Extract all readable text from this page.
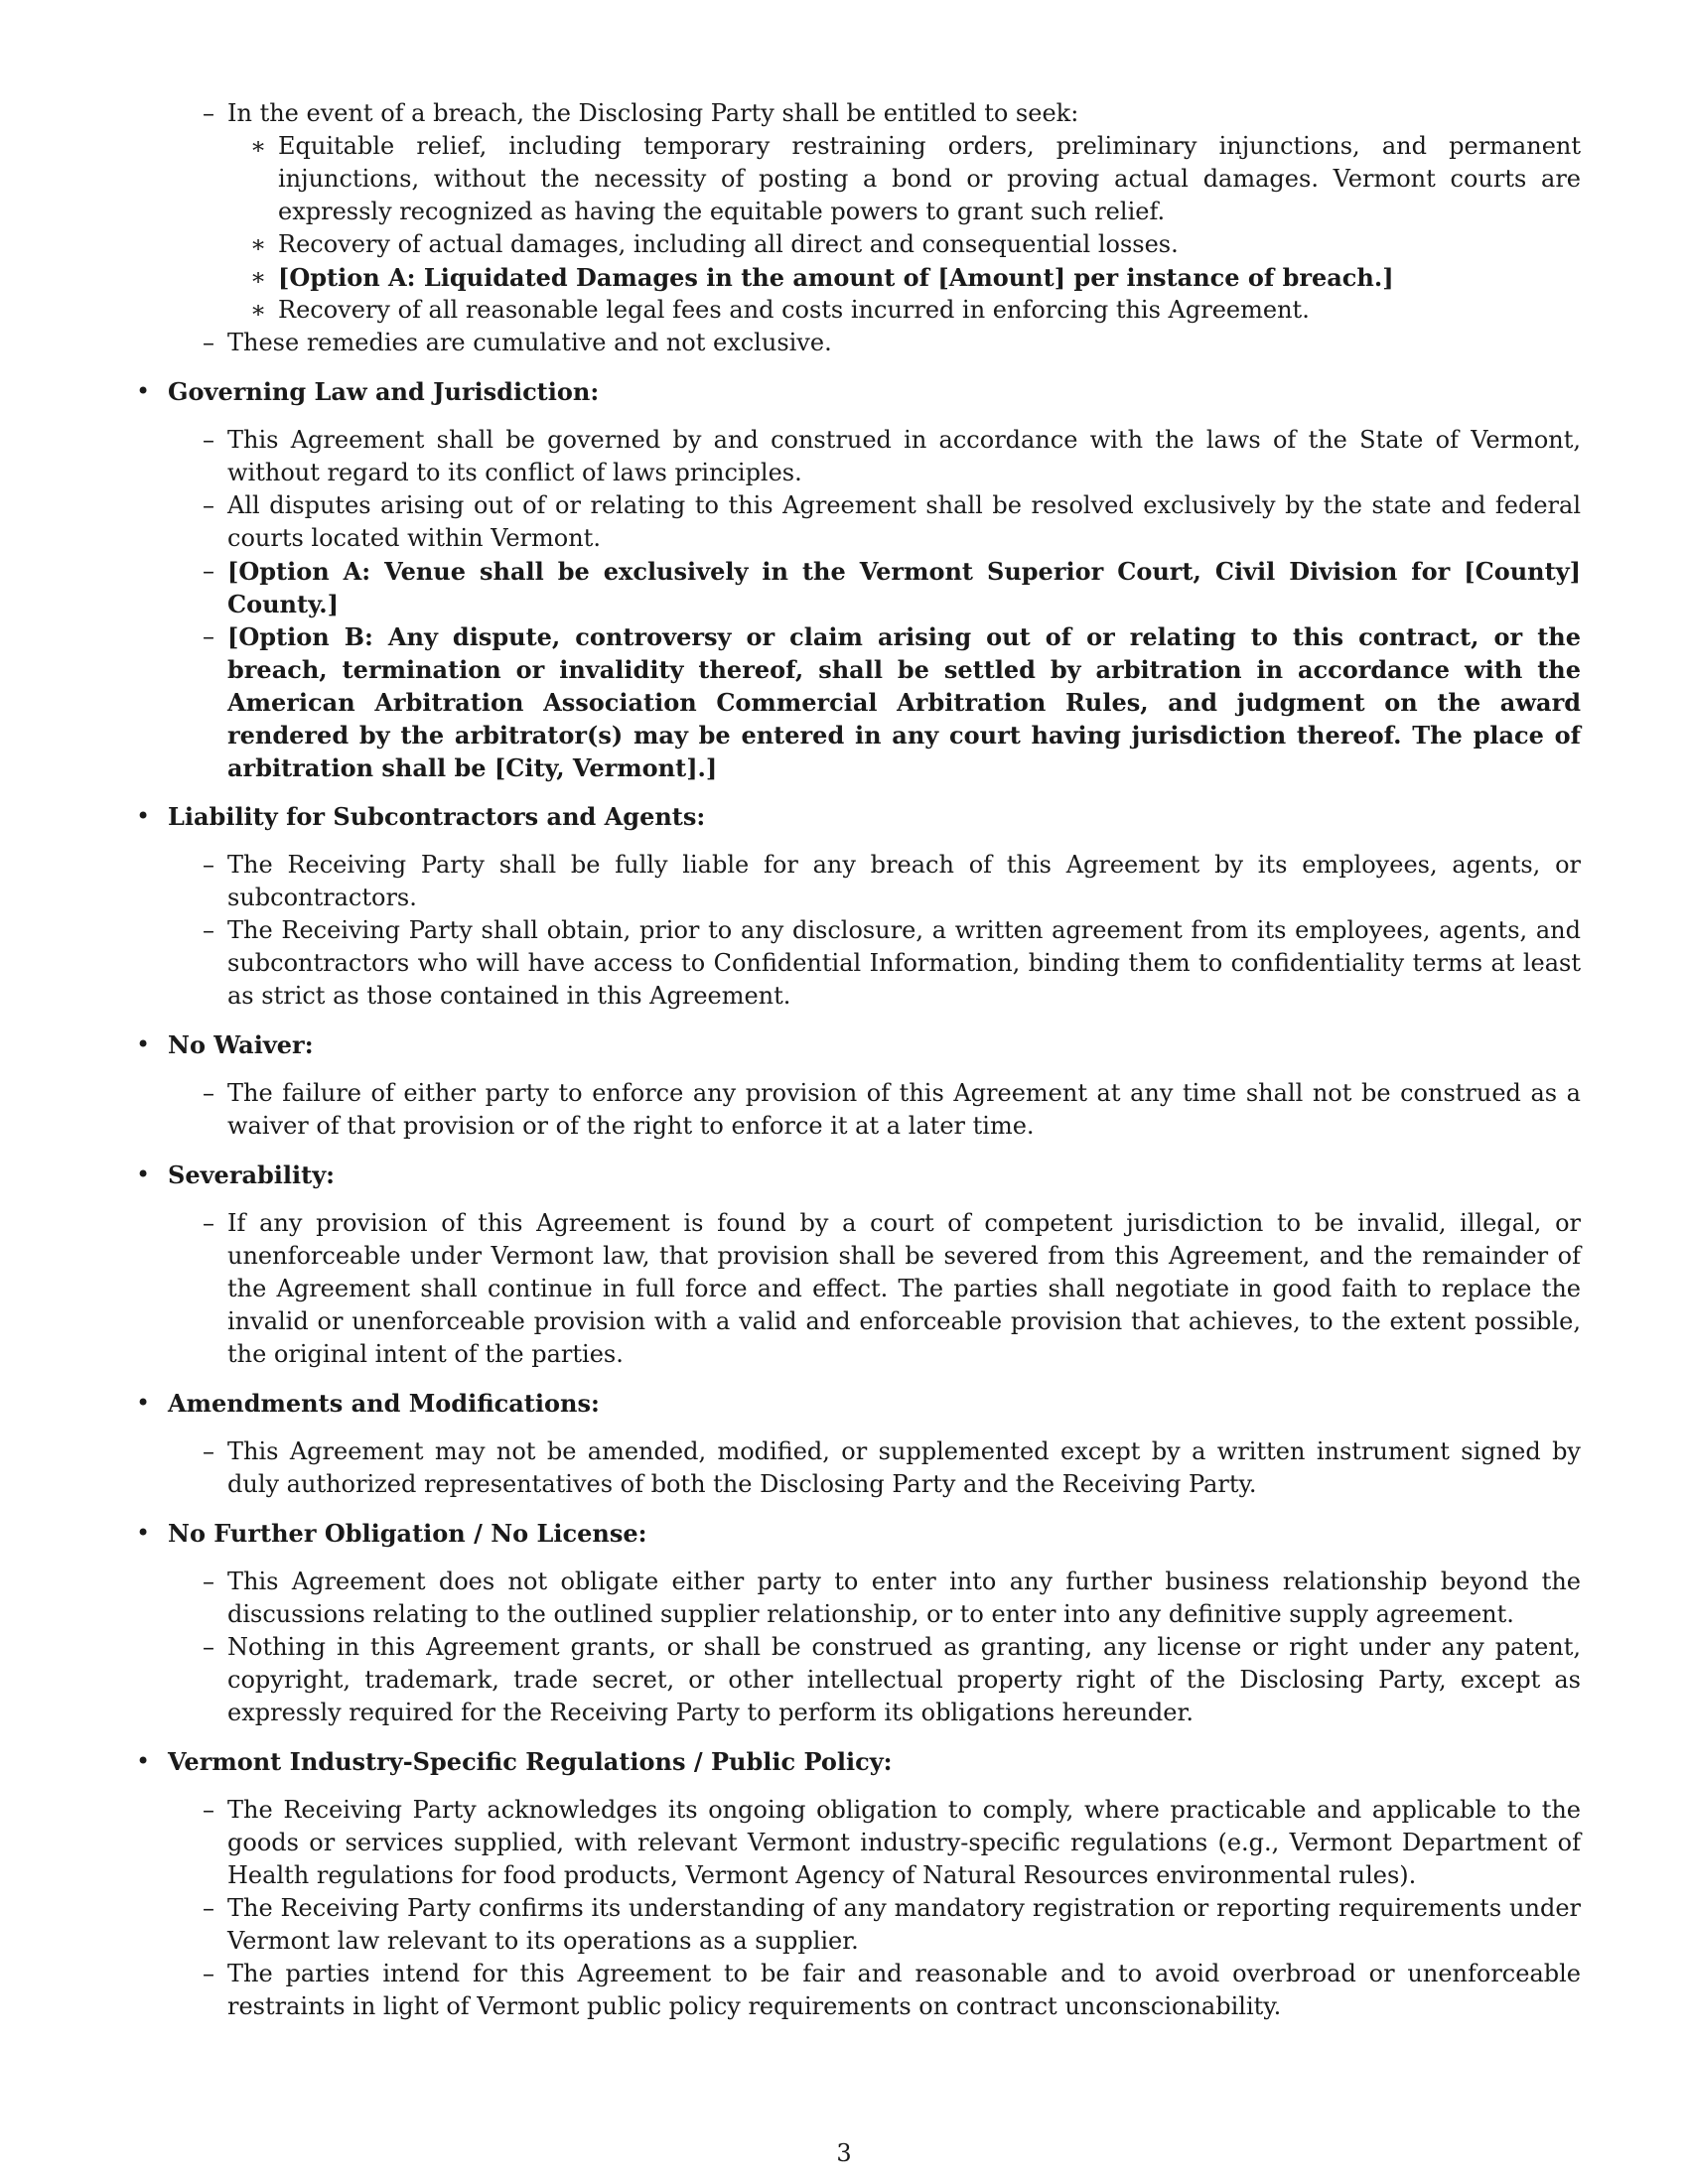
– In the event of a breach, the Disclosing Party shall be entitled to seek:

∗ Equitable relief, including temporary restraining orders, preliminary injunctions, and permanent injunctions, without the necessity of posting a bond or proving actual damages. Vermont courts are expressly recognized as having the equitable powers to grant such relief.

∗ Recovery of actual damages, including all direct and consequential losses.

∗ [Option A: Liquidated Damages in the amount of [Amount] per instance of breach.]

∗ Recovery of all reasonable legal fees and costs incurred in enforcing this Agreement.

– These remedies are cumulative and not exclusive.

• Governing Law and Jurisdiction:

– This Agreement shall be governed by and construed in accordance with the laws of the State of Vermont, without regard to its conflict of laws principles.

– All disputes arising out of or relating to this Agreement shall be resolved exclusively by the state and federal courts located within Vermont.

– [Option A: Venue shall be exclusively in the Vermont Superior Court, Civil Division for [County] County.]

– [Option B: Any dispute, controversy or claim arising out of or relating to this contract, or the breach, termination or invalidity thereof, shall be settled by arbitration in accordance with the American Arbitration Association Commercial Arbitration Rules, and judgment on the award rendered by the arbitrator(s) may be entered in any court having jurisdiction thereof. The place of arbitration shall be [City, Vermont].]

• Liability for Subcontractors and Agents:

– The Receiving Party shall be fully liable for any breach of this Agreement by its employees, agents, or subcontractors.

– The Receiving Party shall obtain, prior to any disclosure, a written agreement from its employees, agents, and subcontractors who will have access to Confidential Information, binding them to confidentiality terms at least as strict as those contained in this Agreement.

• No Waiver:

– The failure of either party to enforce any provision of this Agreement at any time shall not be construed as a waiver of that provision or of the right to enforce it at a later time.

• Severability:

– If any provision of this Agreement is found by a court of competent jurisdiction to be invalid, illegal, or unenforceable under Vermont law, that provision shall be severed from this Agreement, and the remainder of the Agreement shall continue in full force and effect. The parties shall negotiate in good faith to replace the invalid or unenforceable provision with a valid and enforceable provision that achieves, to the extent possible, the original intent of the parties.

• Amendments and Modifications:

– This Agreement may not be amended, modified, or supplemented except by a written instrument signed by duly authorized representatives of both the Disclosing Party and the Receiving Party.

• No Further Obligation / No License:

– This Agreement does not obligate either party to enter into any further business relationship beyond the discussions relating to the outlined supplier relationship, or to enter into any definitive supply agreement.

– Nothing in this Agreement grants, or shall be construed as granting, any license or right under any patent, copyright, trademark, trade secret, or other intellectual property right of the Disclosing Party, except as expressly required for the Receiving Party to perform its obligations hereunder.

• Vermont Industry-Specific Regulations / Public Policy:

– The Receiving Party acknowledges its ongoing obligation to comply, where practicable and applicable to the goods or services supplied, with relevant Vermont industry-specific regulations (e.g., Vermont Department of Health regulations for food products, Vermont Agency of Natural Resources environmental rules).

– The Receiving Party confirms its understanding of any mandatory registration or reporting requirements under Vermont law relevant to its operations as a supplier.

– The parties intend for this Agreement to be fair and reasonable and to avoid overbroad or unenforceable restraints in light of Vermont public policy requirements on contract unconscionability.

3
